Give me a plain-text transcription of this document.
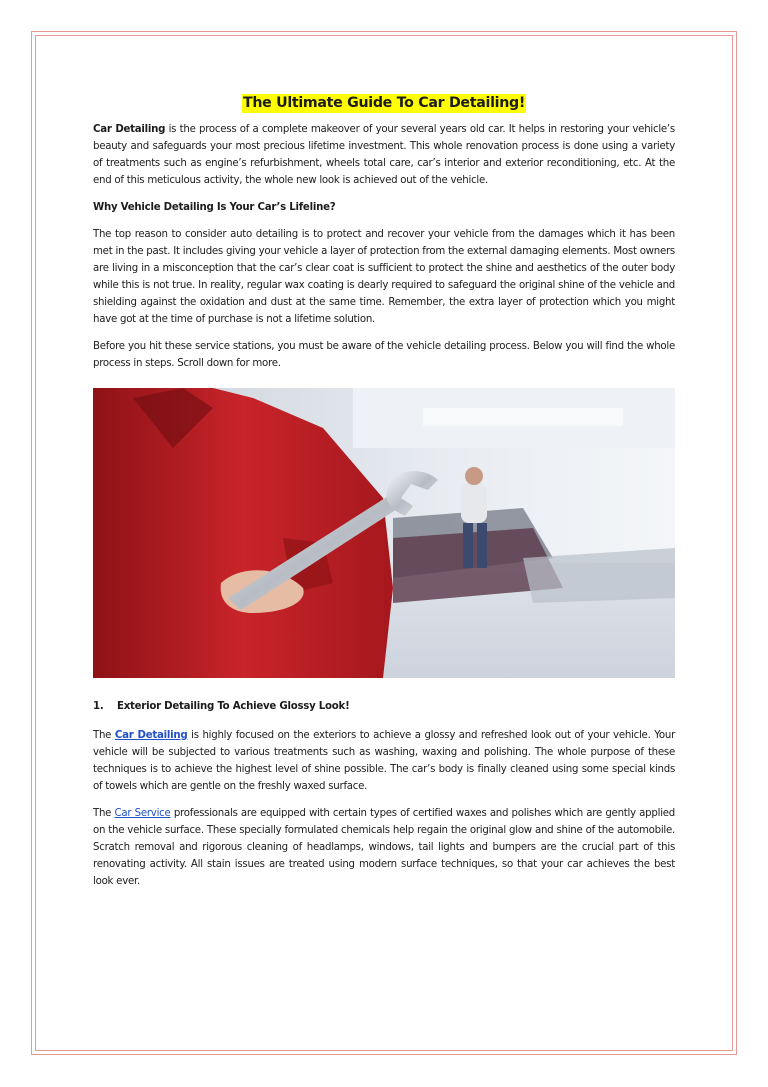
The Ultimate Guide To Car Detailing!

Car Detailing is the process of a complete makeover of your several years old car. It helps in restoring your vehicle’s beauty and safeguards your most precious lifetime investment. This whole renovation process is done using a variety of treatments such as engine’s refurbishment, wheels total care, car’s interior and exterior reconditioning, etc. At the end of this meticulous activity, the whole new look is achieved out of the vehicle.

Why Vehicle Detailing Is Your Car’s Lifeline?

The top reason to consider auto detailing is to protect and recover your vehicle from the damages which it has been met in the past. It includes giving your vehicle a layer of protection from the external damaging elements. Most owners are living in a misconception that the car’s clear coat is sufficient to protect the shine and aesthetics of the outer body while this is not true. In reality, regular wax coating is dearly required to safeguard the original shine of the vehicle and shielding against the oxidation and dust at the same time. Remember, the extra layer of protection which you might have got at the time of purchase is not a lifetime solution.

Before you hit these service stations, you must be aware of the vehicle detailing process. Below you will find the whole process in steps. Scroll down for more.

1.	Exterior Detailing To Achieve Glossy Look!

The Car Detailing is highly focused on the exteriors to achieve a glossy and refreshed look out of your vehicle. Your vehicle will be subjected to various treatments such as washing, waxing and polishing. The whole purpose of these techniques is to achieve the highest level of shine possible. The car’s body is finally cleaned using some special kinds of towels which are gentle on the freshly waxed surface.

The Car Service professionals are equipped with certain types of certified waxes and polishes which are gently applied on the vehicle surface. These specially formulated chemicals help regain the original glow and shine of the automobile. Scratch removal and rigorous cleaning of headlamps, windows, tail lights and bumpers are the crucial part of this renovating activity. All stain issues are treated using modern surface techniques, so that your car achieves the best look ever.
